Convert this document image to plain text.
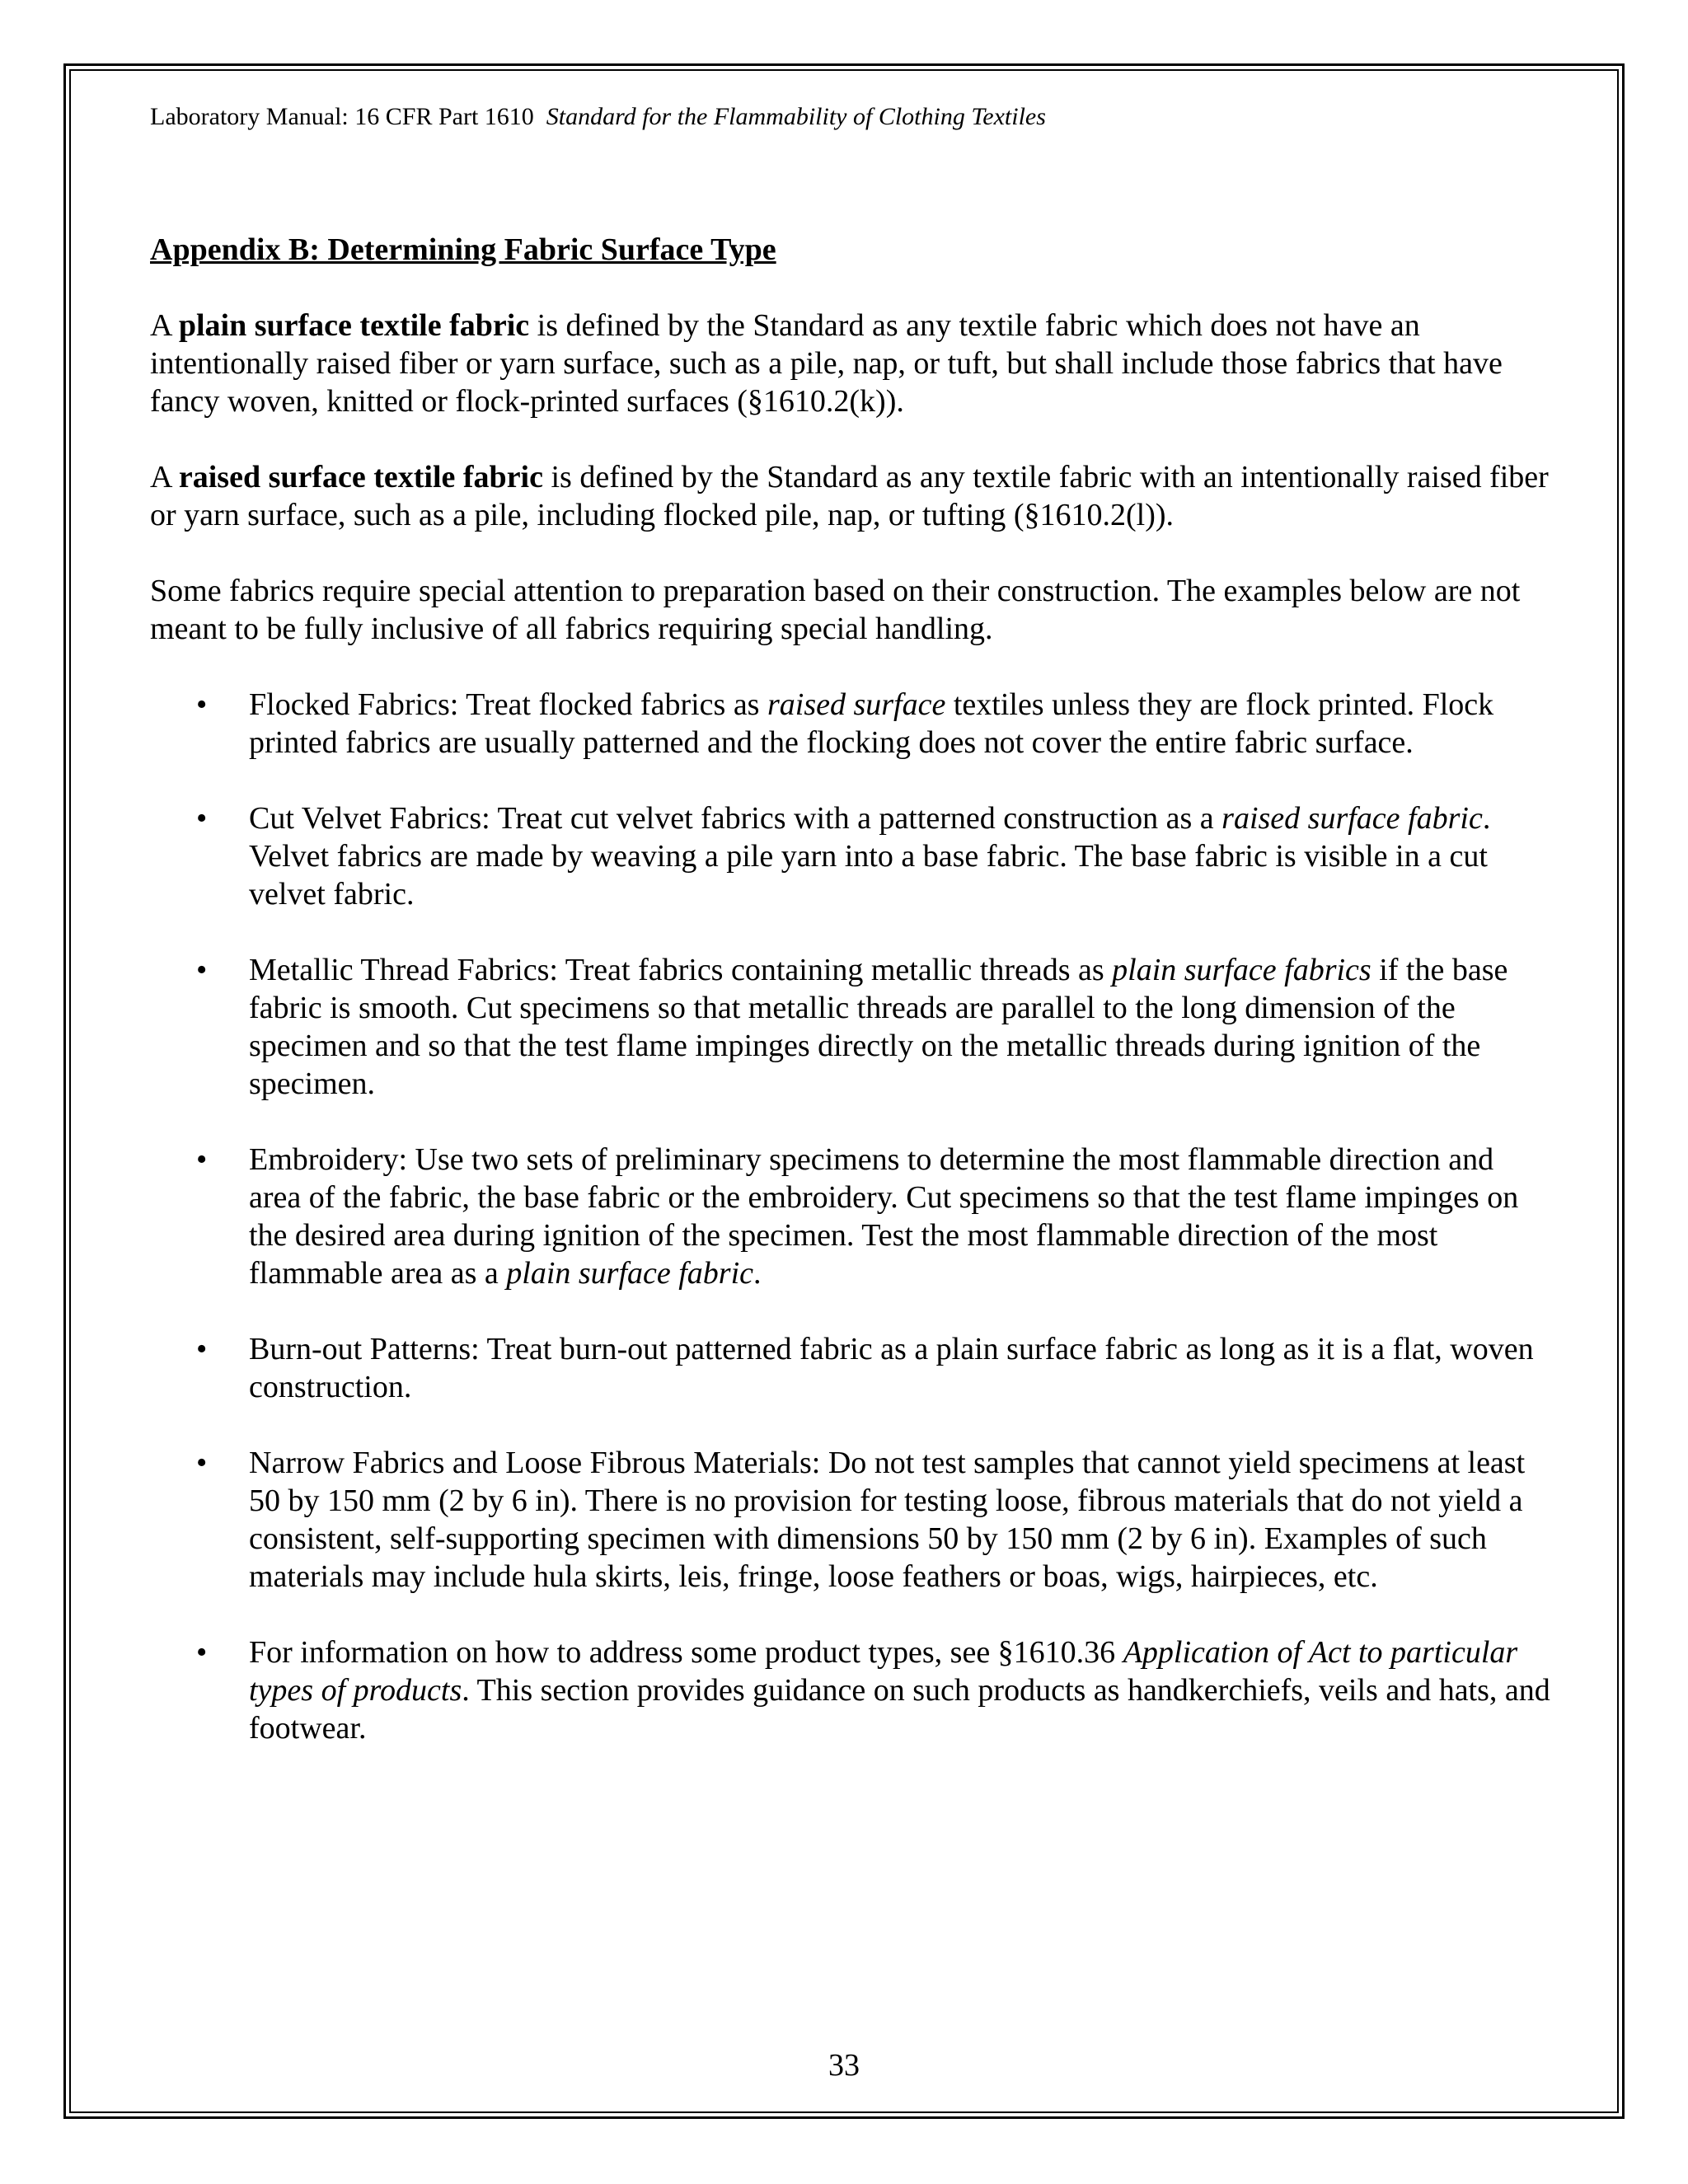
Laboratory Manual: 16 CFR Part 1610 Standard for the Flammability of Clothing Textiles
Appendix B: Determining Fabric Surface Type

A plain surface textile fabric is defined by the Standard as any textile fabric which does not have an intentionally raised fiber or yarn surface, such as a pile, nap, or tuft, but shall include those fabrics that have fancy woven, knitted or flock-printed surfaces (§1610.2(k)).

A raised surface textile fabric is defined by the Standard as any textile fabric with an intentionally raised fiber or yarn surface, such as a pile, including flocked pile, nap, or tufting (§1610.2(l)).

Some fabrics require special attention to preparation based on their construction. The examples below are not meant to be fully inclusive of all fabrics requiring special handling.

• Flocked Fabrics: Treat flocked fabrics as raised surface textiles unless they are flock printed. Flock printed fabrics are usually patterned and the flocking does not cover the entire fabric surface.
• Cut Velvet Fabrics: Treat cut velvet fabrics with a patterned construction as a raised surface fabric. Velvet fabrics are made by weaving a pile yarn into a base fabric. The base fabric is visible in a cut velvet fabric.
• Metallic Thread Fabrics: Treat fabrics containing metallic threads as plain surface fabrics if the base fabric is smooth. Cut specimens so that metallic threads are parallel to the long dimension of the specimen and so that the test flame impinges directly on the metallic threads during ignition of the specimen.
• Embroidery: Use two sets of preliminary specimens to determine the most flammable direction and area of the fabric, the base fabric or the embroidery. Cut specimens so that the test flame impinges on the desired area during ignition of the specimen. Test the most flammable direction of the most flammable area as a plain surface fabric.
• Burn-out Patterns: Treat burn-out patterned fabric as a plain surface fabric as long as it is a flat, woven construction.
• Narrow Fabrics and Loose Fibrous Materials: Do not test samples that cannot yield specimens at least 50 by 150 mm (2 by 6 in). There is no provision for testing loose, fibrous materials that do not yield a consistent, self-supporting specimen with dimensions 50 by 150 mm (2 by 6 in). Examples of such materials may include hula skirts, leis, fringe, loose feathers or boas, wigs, hairpieces, etc.
• For information on how to address some product types, see §1610.36 Application of Act to particular types of products. This section provides guidance on such products as handkerchiefs, veils and hats, and footwear.
33
